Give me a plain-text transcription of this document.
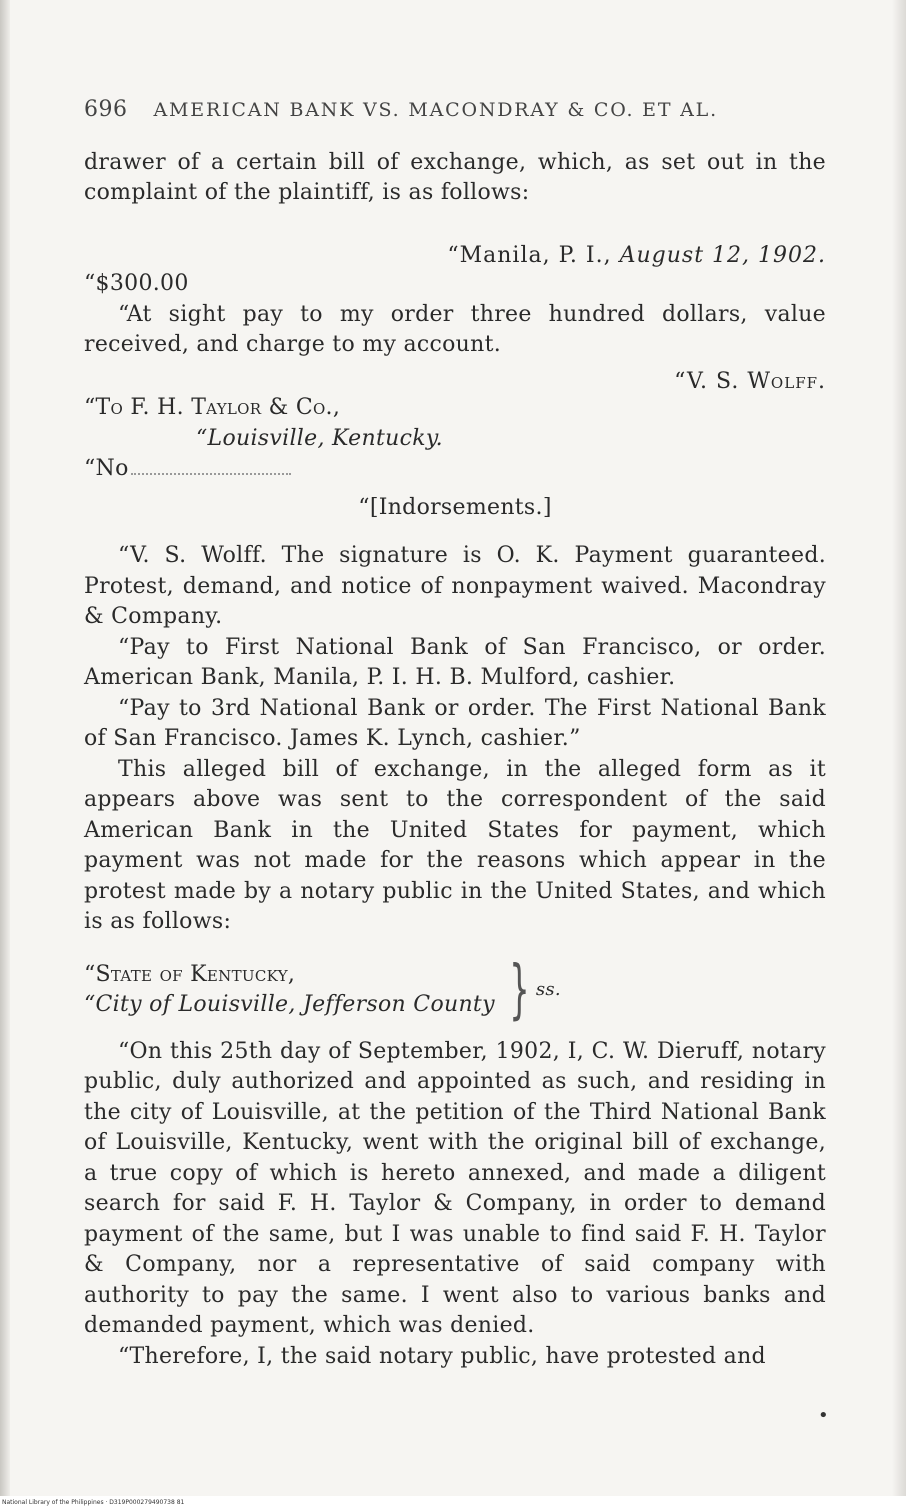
696 AMERICAN BANK VS. MACONDRAY & CO. ET AL.

drawer of a certain bill of exchange, which, as set out in the complaint of the plaintiff, is as follows:

“Manila, P. I., August 12, 1902.

“$300.00

“At sight pay to my order three hundred dollars, value received, and charge to my account.

“V. S. Wolff.

“To F. H. Taylor & Co.,

“Louisville, Kentucky.

“No

“[Indorsements.]

“V. S. Wolff. The signature is O. K. Payment guaranteed. Protest, demand, and notice of nonpayment waived. Macondray & Company.

“Pay to First National Bank of San Francisco, or order. American Bank, Manila, P. I. H. B. Mulford, cashier.

“Pay to 3rd National Bank or order. The First National Bank of San Francisco. James K. Lynch, cashier.”

This alleged bill of exchange, in the alleged form as it appears above was sent to the correspondent of the said American Bank in the United States for payment, which payment was not made for the reasons which appear in the protest made by a notary public in the United States, and which is as follows:

“State of Kentucky,
“City of Louisville, Jefferson County } ss.

“On this 25th day of September, 1902, I, C. W. Dieruff, notary public, duly authorized and appointed as such, and residing in the city of Louisville, at the petition of the Third National Bank of Louisville, Kentucky, went with the original bill of exchange, a true copy of which is hereto annexed, and made a diligent search for said F. H. Taylor & Company, in order to demand payment of the same, but I was unable to find said F. H. Taylor & Company, nor a representative of said company with authority to pay the same. I went also to various banks and demanded payment, which was denied.

“Therefore, I, the said notary public, have protested and

•
National Library of the Philippines · D319P000279490738 81
